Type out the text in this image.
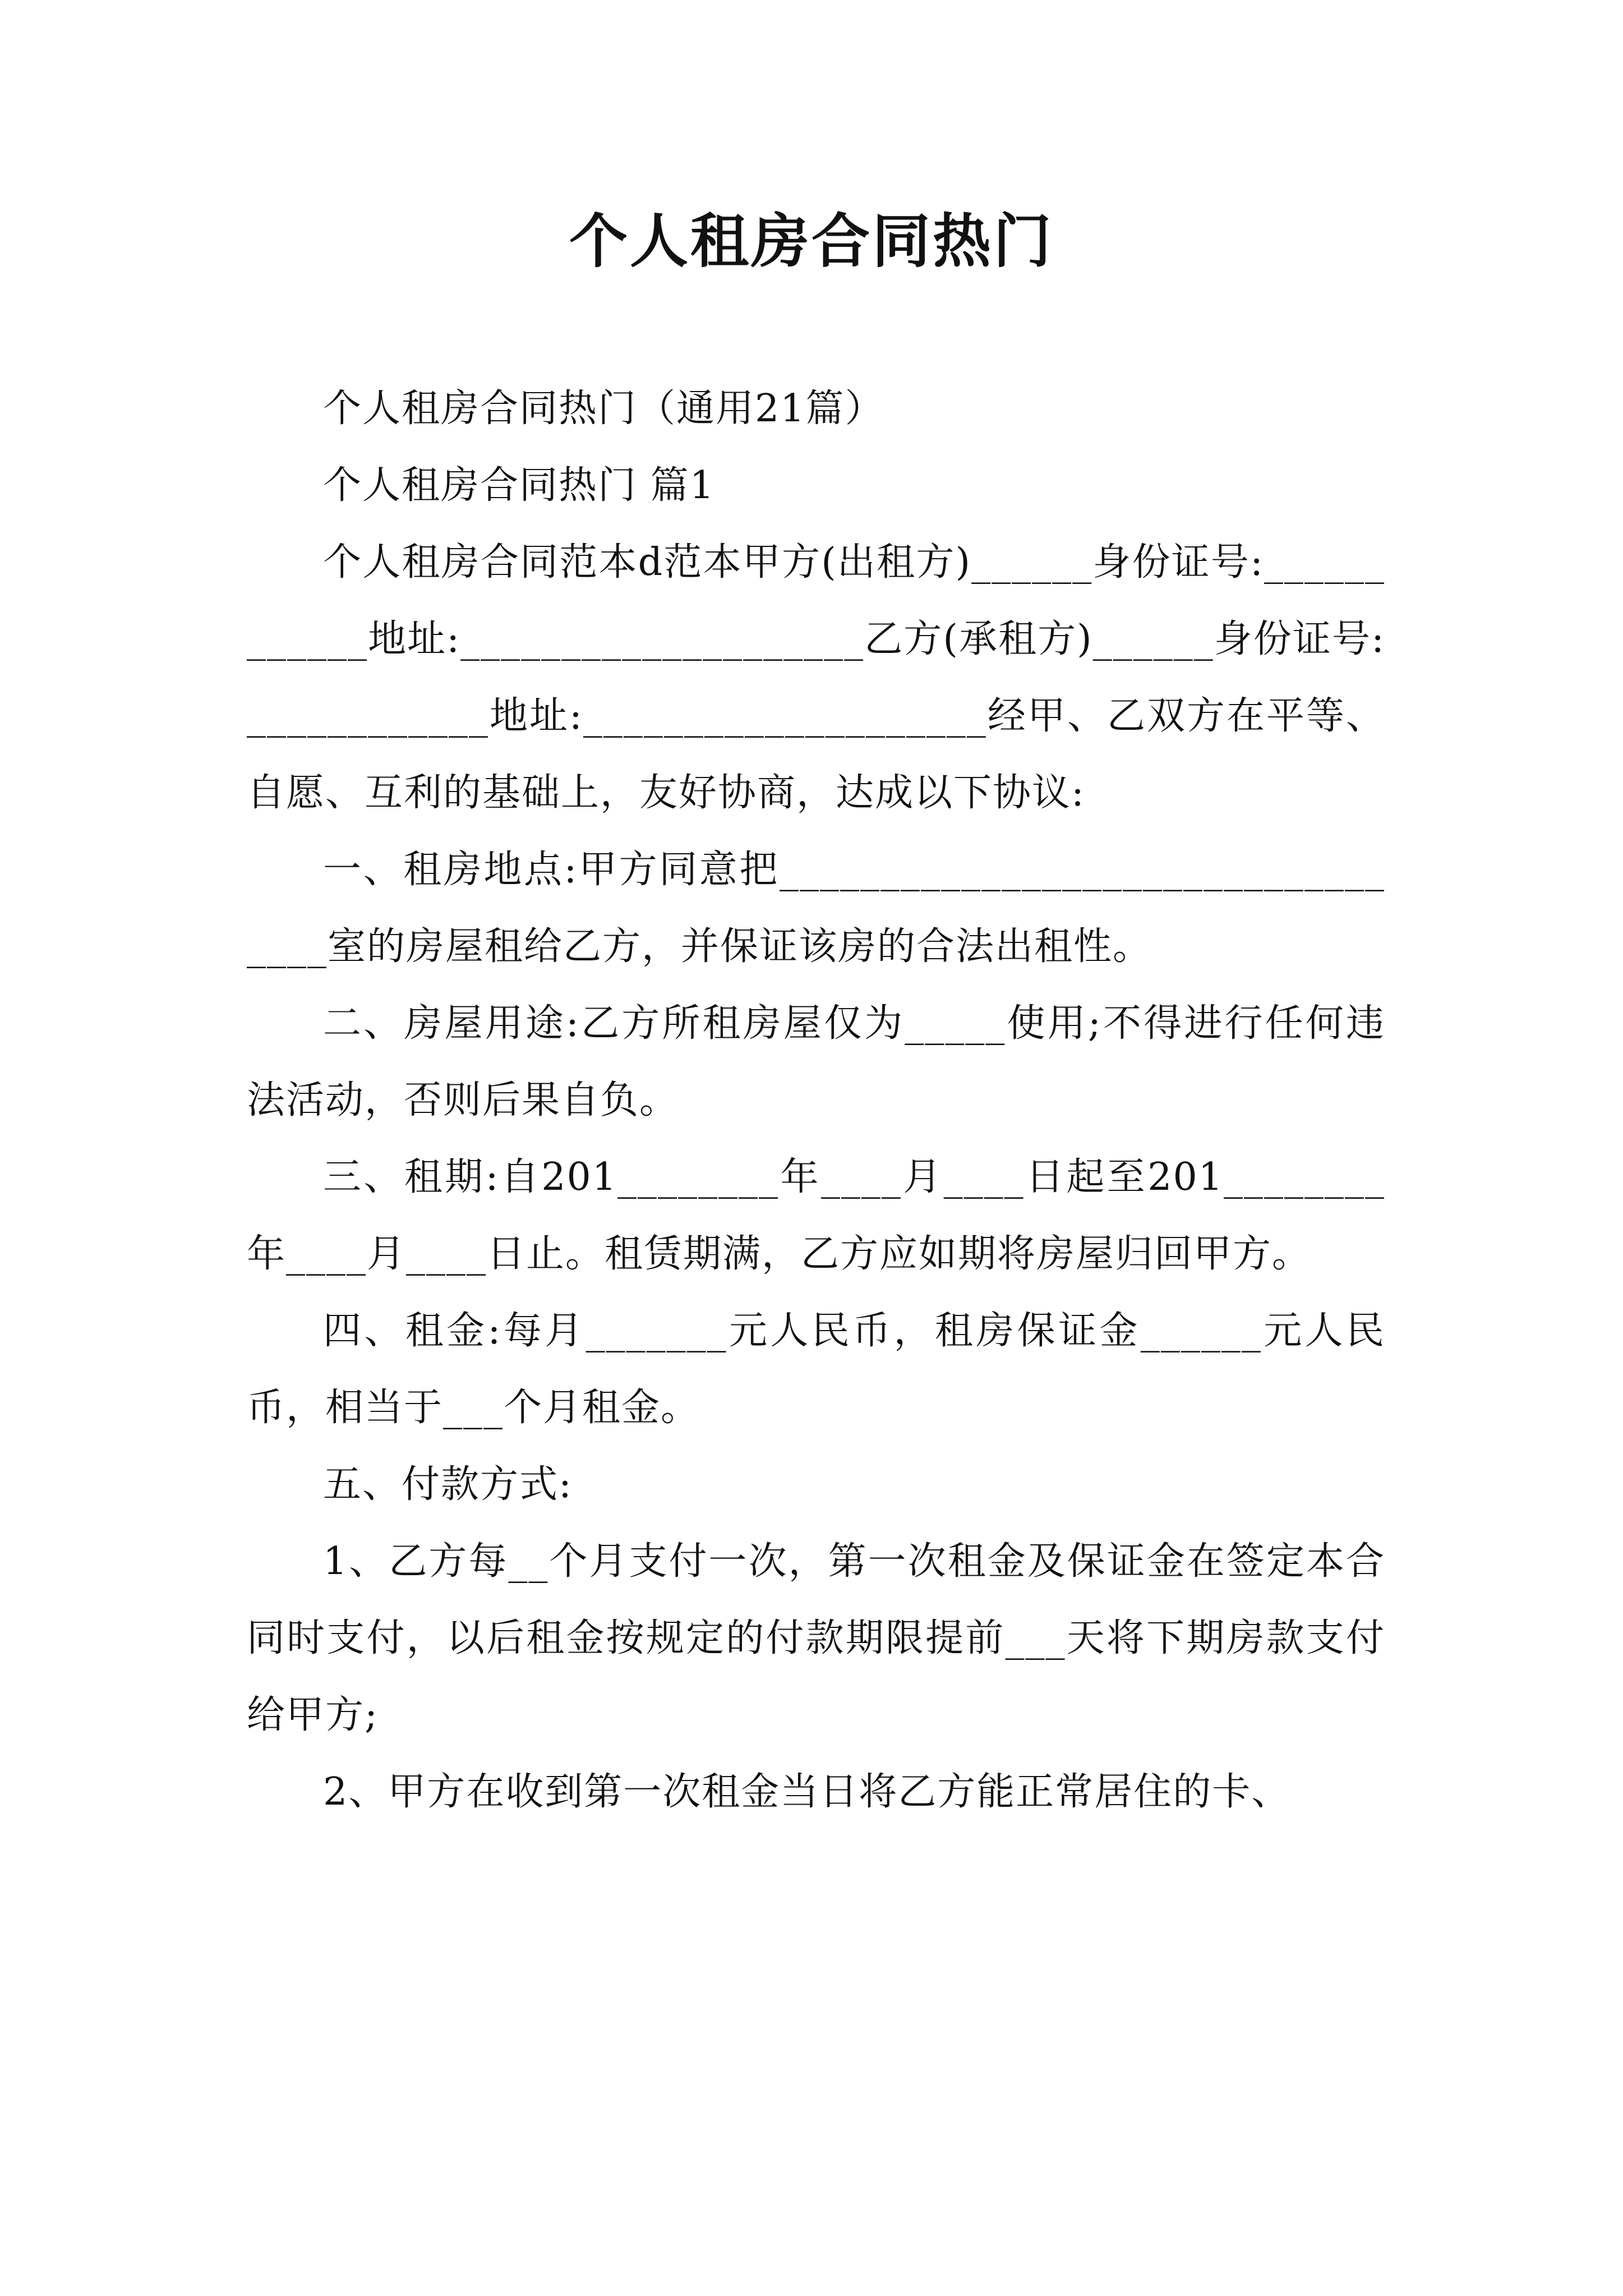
个人租房合同热门

个人租房合同热门（通用21篇）

个人租房合同热门 篇1

个人租房合同范本d范本甲方(出租方)______身份证号:____________地址:____________________乙方(承租方)______身份证号:____________地址:____________________经甲、乙双方在平等、自愿、互利的基础上，友好协商，达成以下协议:

一、租房地点:甲方同意把__________________________________室的房屋租给乙方，并保证该房的合法出租性。

二、房屋用途:乙方所租房屋仅为_____使用;不得进行任何违法活动，否则后果自负。

三、租期:自201________年____月____日起至201________年____月____日止。租赁期满，乙方应如期将房屋归回甲方。

四、租金:每月_______元人民币，租房保证金______元人民币，相当于___个月租金。

五、付款方式:

1、乙方每__个月支付一次，第一次租金及保证金在签定本合同时支付，以后租金按规定的付款期限提前___天将下期房款支付给甲方;

2、甲方在收到第一次租金当日将乙方能正常居住的卡、
